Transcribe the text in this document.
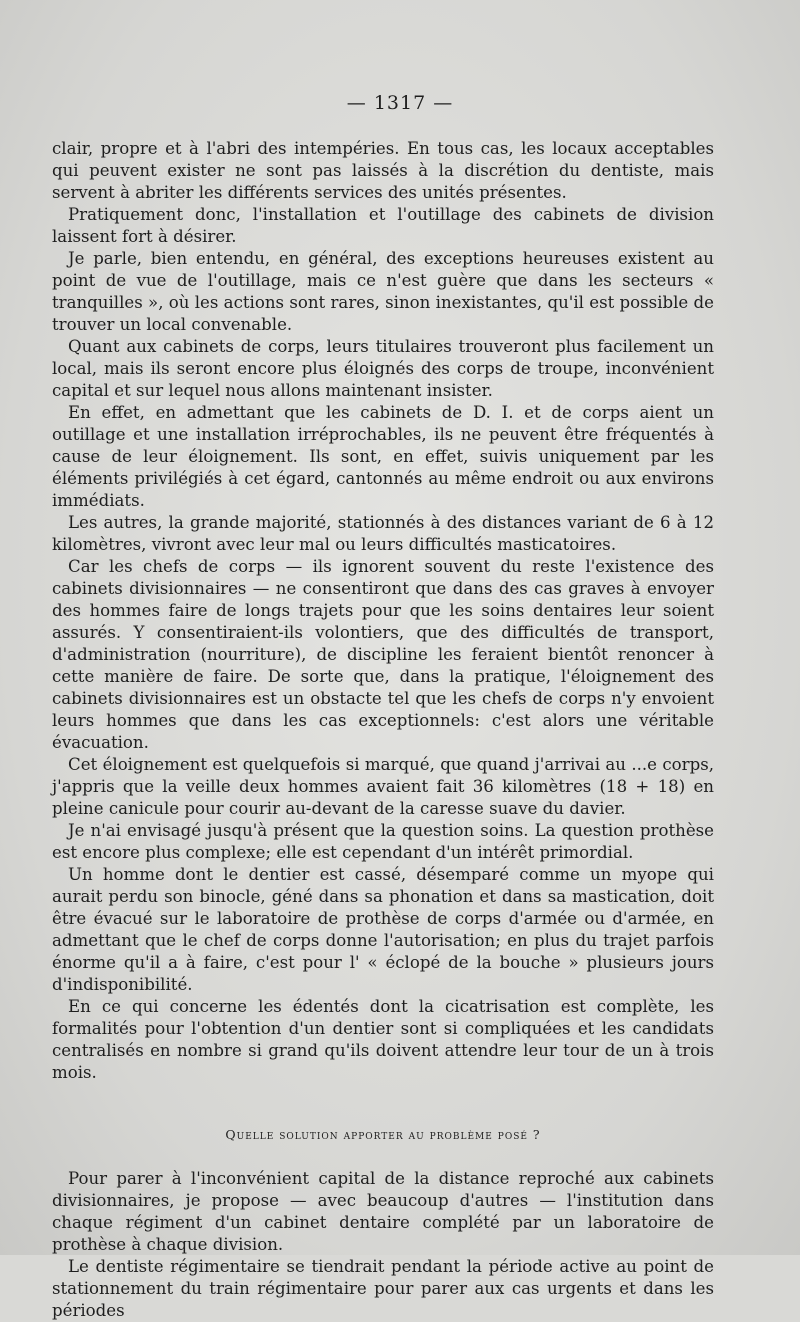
— 1317 —

clair, propre et à l'abri des intempéries. En tous cas, les locaux acceptables qui peuvent exister ne sont pas laissés à la discrétion du dentiste, mais servent à abriter les différents services des unités présentes.

Pratiquement donc, l'installation et l'outillage des cabinets de division laissent fort à désirer.

Je parle, bien entendu, en général, des exceptions heureuses existent au point de vue de l'outillage, mais ce n'est guère que dans les secteurs « tranquilles », où les actions sont rares, sinon inexistantes, qu'il est possible de trouver un local convenable.

Quant aux cabinets de corps, leurs titulaires trouveront plus facilement un local, mais ils seront encore plus éloignés des corps de troupe, inconvénient capital et sur lequel nous allons maintenant insister.

En effet, en admettant que les cabinets de D. I. et de corps aient un outillage et une installation irréprochables, ils ne peuvent être fréquentés à cause de leur éloignement. Ils sont, en effet, suivis uniquement par les éléments privilégiés à cet égard, cantonnés au même endroit ou aux environs immédiats.

Les autres, la grande majorité, stationnés à des distances variant de 6 à 12 kilomètres, vivront avec leur mal ou leurs difficultés masticatoires.

Car les chefs de corps — ils ignorent souvent du reste l'existence des cabinets divisionnaires — ne consentiront que dans des cas graves à envoyer des hommes faire de longs trajets pour que les soins dentaires leur soient assurés. Y consentiraient-ils volontiers, que des difficultés de transport, d'administration (nourriture), de discipline les feraient bientôt renoncer à cette manière de faire. De sorte que, dans la pratique, l'éloignement des cabinets divisionnaires est un obstacte tel que les chefs de corps n'y envoient leurs hommes que dans les cas exceptionnels: c'est alors une véritable évacuation.

Cet éloignement est quelquefois si marqué, que quand j'arrivai au ...e corps, j'appris que la veille deux hommes avaient fait 36 kilomètres (18 + 18) en pleine canicule pour courir au-devant de la caresse suave du davier.

Je n'ai envisagé jusqu'à présent que la question soins. La question prothèse est encore plus complexe; elle est cependant d'un intérêt primordial.

Un homme dont le dentier est cassé, désemparé comme un myope qui aurait perdu son binocle, géné dans sa phonation et dans sa mastication, doit être évacué sur le laboratoire de prothèse de corps d'armée ou d'armée, en admettant que le chef de corps donne l'autorisation; en plus du trajet parfois énorme qu'il a à faire, c'est pour l' « éclopé de la bouche » plusieurs jours d'indisponibilité.

En ce qui concerne les édentés dont la cicatrisation est complète, les formalités pour l'obtention d'un dentier sont si compliquées et les candidats centralisés en nombre si grand qu'ils doivent attendre leur tour de un à trois mois.

Quelle solution apporter au problème posé ?

Pour parer à l'inconvénient capital de la distance reproché aux cabinets divisionnaires, je propose — avec beaucoup d'autres — l'institution dans chaque régiment d'un cabinet dentaire complété par un laboratoire de prothèse à chaque division.

Le dentiste régimentaire se tiendrait pendant la période active au point de stationnement du train régimentaire pour parer aux cas urgents et dans les périodes
